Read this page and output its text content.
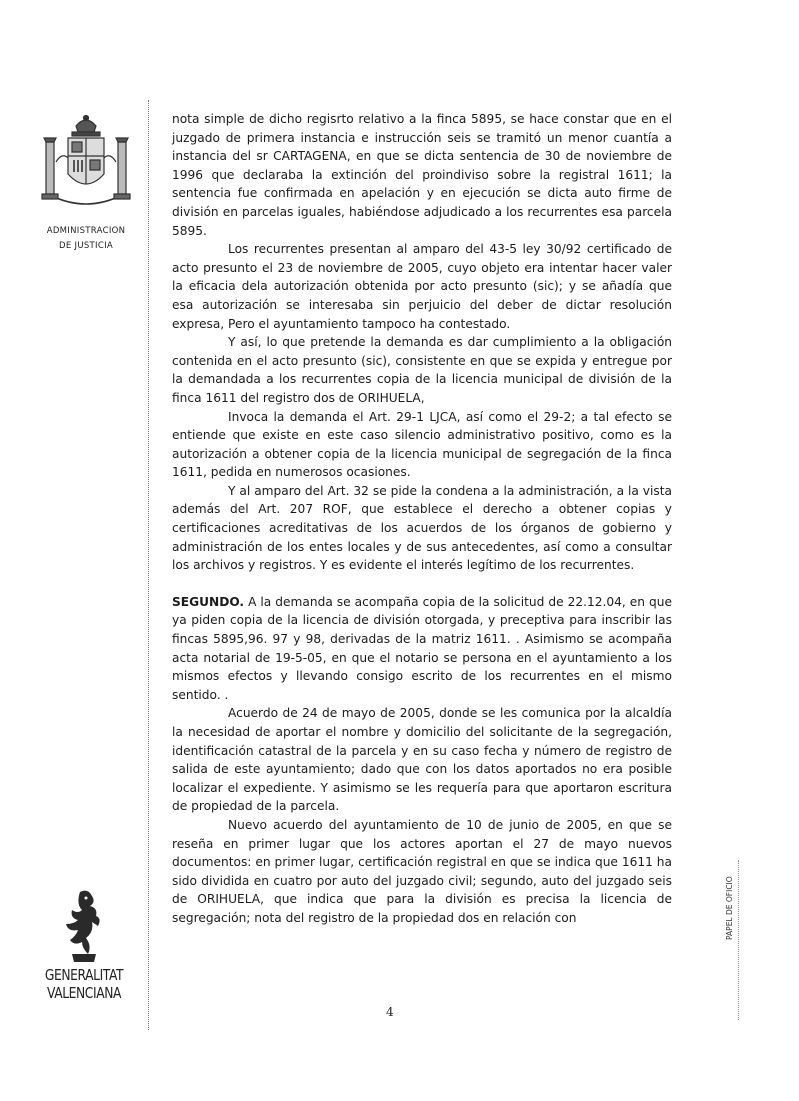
ADMINISTRACION
DE JUSTICIA
GENERALITAT
VALENCIANA
PAPEL DE OFICIO

nota simple de dicho regisrto relativo a la finca 5895, se hace constar que en el juzgado de primera instancia e instrucción seis se tramitó un menor cuantía a instancia del sr CARTAGENA, en que se dicta sentencia de 30 de noviembre de 1996 que declaraba la extinción del proindiviso sobre la registral 1611; la sentencia fue confirmada en apelación y en ejecución se dicta auto firme de división en parcelas iguales, habiéndose adjudicado a los recurrentes esa parcela 5895.

Los recurrentes presentan al amparo del 43-5 ley 30/92 certificado de acto presunto el 23 de noviembre de 2005, cuyo objeto era intentar hacer valer la eficacia dela autorización obtenida por acto presunto (sic); y se añadía que esa autorización se interesaba sin perjuicio del deber de dictar resolución expresa, Pero el ayuntamiento tampoco ha contestado.

Y así, lo que pretende la demanda es dar cumplimiento a la obligación contenida en el acto presunto (sic), consistente en que se expida y entregue por la demandada a los recurrentes copia de la licencia municipal de división de la finca 1611 del registro dos de ORIHUELA,

Invoca la demanda el Art. 29-1 LJCA, así como el 29-2; a tal efecto se entiende que existe en este caso silencio administrativo positivo, como es la autorización a obtener copia de la licencia municipal de segregación de la finca 1611, pedida en numerosos ocasiones.

Y al amparo del Art. 32 se pide la condena a la administración, a la vista además del Art. 207 ROF, que establece el derecho a obtener copias y certificaciones acreditativas de los acuerdos de los órganos de gobierno y administración de los entes locales y de sus antecedentes, así como a consultar los archivos y registros. Y es evidente el interés legítimo de los recurrentes.

SEGUNDO. A la demanda se acompaña copia de la solicitud de 22.12.04, en que ya piden copia de la licencia de división otorgada, y preceptiva para inscribir las fincas 5895,96. 97 y 98, derivadas de la matriz 1611. . Asimismo se acompaña acta notarial de 19-5-05, en que el notario se persona en el ayuntamiento a los mismos efectos y llevando consigo escrito de los recurrentes en el mismo sentido. .

Acuerdo de 24 de mayo de 2005, donde se les comunica por la alcaldía la necesidad de aportar el nombre y domicilio del solicitante de la segregación, identificación catastral de la parcela y en su caso fecha y número de registro de salida de este ayuntamiento; dado que con los datos aportados no era posible localizar el expediente. Y asimismo se les requería para que aportaron escritura de propiedad de la parcela.

Nuevo acuerdo del ayuntamiento de 10 de junio de 2005, en que se reseña en primer lugar que los actores aportan el 27 de mayo nuevos documentos: en primer lugar, certificación registral en que se indica que 1611 ha sido dividida en cuatro por auto del juzgado civil; segundo, auto del juzgado seis de ORIHUELA, que indica que para la división es precisa la licencia de segregación; nota del registro de la propiedad dos en relación con

4
